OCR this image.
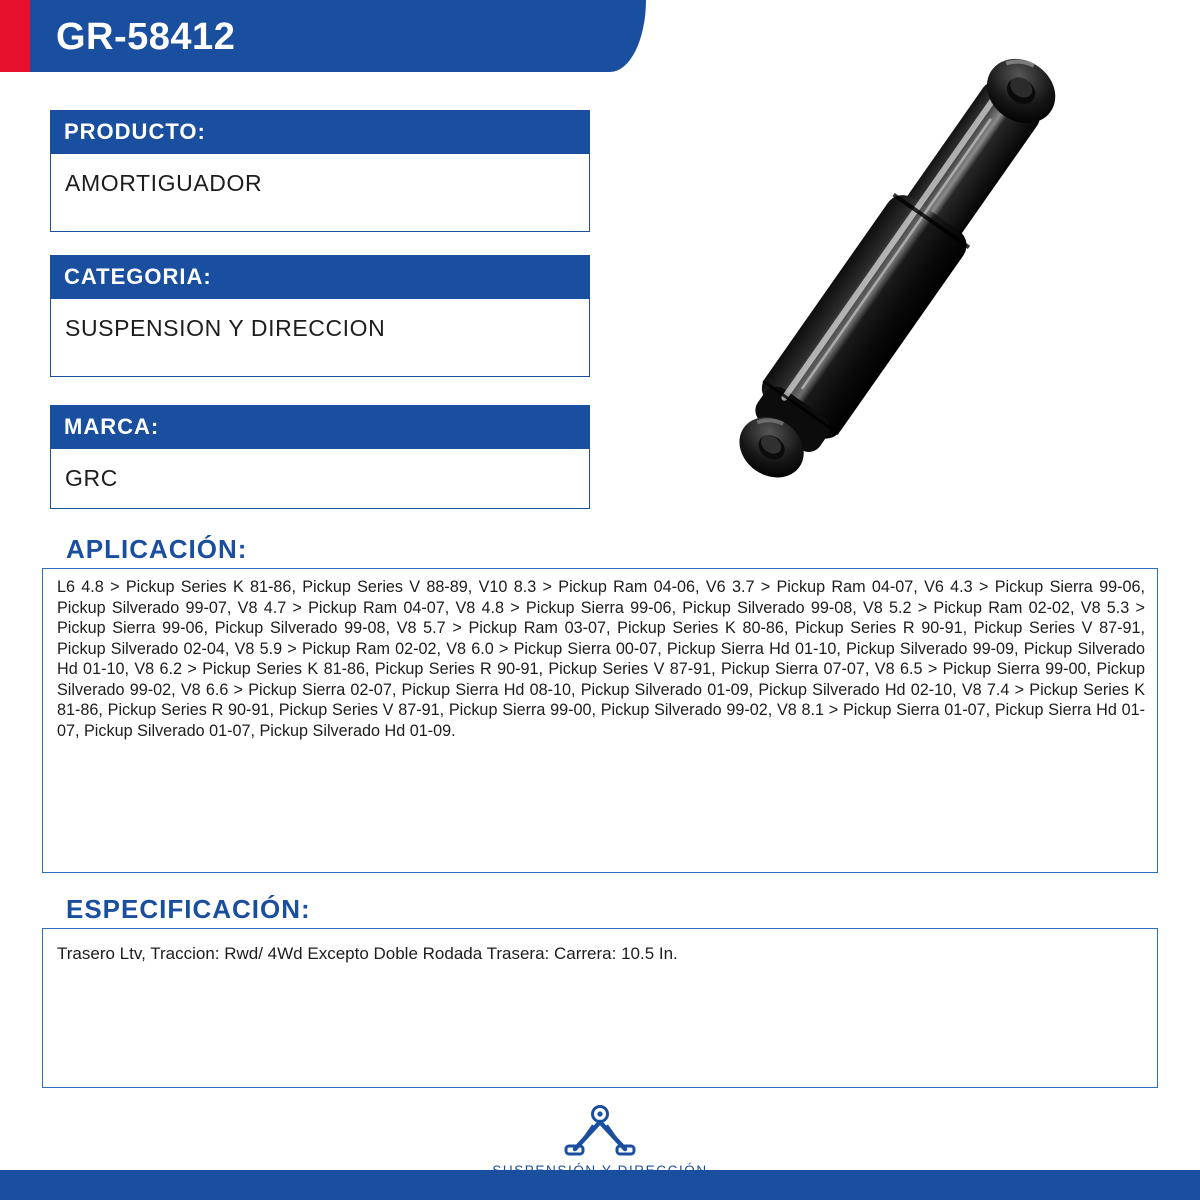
GR-58412
PRODUCTO:
AMORTIGUADOR
CATEGORIA:
SUSPENSION Y DIRECCION
MARCA:
GRC
APLICACIÓN:
L6 4.8 > Pickup Series K 81-86, Pickup Series V 88-89, V10 8.3 > Pickup Ram 04-06, V6 3.7 > Pickup Ram 04-07, V6 4.3 > Pickup Sierra 99-06, Pickup Silverado 99-07, V8 4.7 > Pickup Ram 04-07, V8 4.8 > Pickup Sierra 99-06, Pickup Silverado 99-08, V8 5.2 > Pickup Ram 02-02, V8 5.3 > Pickup Sierra 99-06, Pickup Silverado 99-08, V8 5.7 > Pickup Ram 03-07, Pickup Series K 80-86, Pickup Series R 90-91, Pickup Series V 87-91, Pickup Silverado 02-04, V8 5.9 > Pickup Ram 02-02, V8 6.0 > Pickup Sierra 00-07, Pickup Sierra Hd 01-10, Pickup Silverado 99-09, Pickup Silverado Hd 01-10, V8 6.2 > Pickup Series K 81-86, Pickup Series R 90-91, Pickup Series V 87-91, Pickup Sierra 07-07, V8 6.5 > Pickup Sierra 99-00, Pickup Silverado 99-02, V8 6.6 > Pickup Sierra 02-07, Pickup Sierra Hd 08-10, Pickup Silverado 01-09, Pickup Silverado Hd 02-10, V8 7.4 > Pickup Series K 81-86, Pickup Series R 90-91, Pickup Series V 87-91, Pickup Sierra 99-00, Pickup Silverado 99-02, V8 8.1 > Pickup Sierra 01-07, Pickup Sierra Hd 01-07, Pickup Silverado 01-07, Pickup Silverado Hd 01-09.
ESPECIFICACIÓN:
Trasero Ltv, Traccion: Rwd/ 4Wd Excepto Doble Rodada Trasera: Carrera: 10.5 In.
